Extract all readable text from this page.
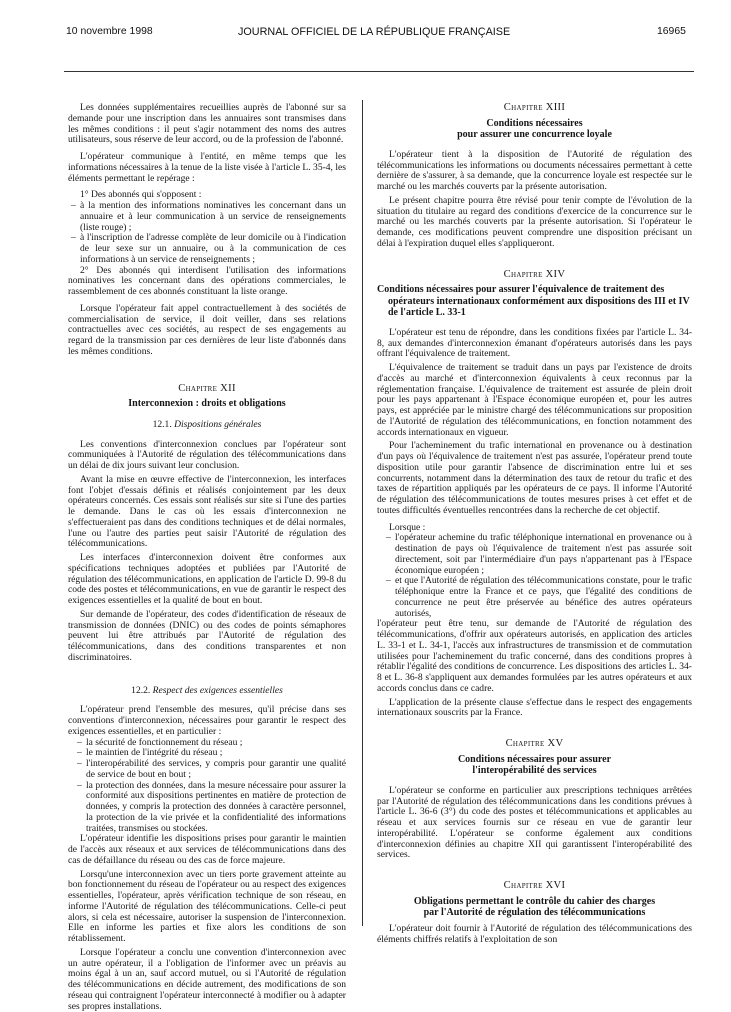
10 novembre 1998	JOURNAL OFFICIEL DE LA RÉPUBLIQUE FRANÇAISE	16965

Les données supplémentaires recueillies auprès de l'abonné sur sa demande pour une inscription dans les annuaires sont transmises dans les mêmes conditions : il peut s'agir notamment des noms des autres utilisateurs, sous réserve de leur accord, ou de la profession de l'abonné.

L'opérateur communique à l'entité, en même temps que les informations nécessaires à la tenue de la liste visée à l'article L. 35-4, les éléments permettant le repérage :

1° Des abonnés qui s'opposent :

– à la mention des informations nominatives les concernant dans un annuaire et à leur communication à un service de renseignements (liste rouge) ;
– à l'inscription de l'adresse complète de leur domicile ou à l'indication de leur sexe sur un annuaire, ou à la communication de ces informations à un service de renseignements ;

2° Des abonnés qui interdisent l'utilisation des informations nominatives les concernant dans des opérations commerciales, le rassemblement de ces abonnés constituant la liste orange.

Lorsque l'opérateur fait appel contractuellement à des sociétés de commercialisation de service, il doit veiller, dans ses relations contractuelles avec ces sociétés, au respect de ses engagements au regard de la transmission par ces dernières de leur liste d'abonnés dans les mêmes conditions.

Chapitre XII

Interconnexion : droits et obligations

12.1. Dispositions générales

Les conventions d'interconnexion conclues par l'opérateur sont communiquées à l'Autorité de régulation des télécommunications dans un délai de dix jours suivant leur conclusion.

Avant la mise en œuvre effective de l'interconnexion, les interfaces font l'objet d'essais définis et réalisés conjointement par les deux opérateurs concernés. Ces essais sont réalisés sur site si l'une des parties le demande. Dans le cas où les essais d'interconnexion ne s'effectueraient pas dans des conditions techniques et de délai normales, l'une ou l'autre des parties peut saisir l'Autorité de régulation des télécommunications.

Les interfaces d'interconnexion doivent être conformes aux spécifications techniques adoptées et publiées par l'Autorité de régulation des télécommunications, en application de l'article D. 99-8 du code des postes et télécommunications, en vue de garantir le respect des exigences essentielles et la qualité de bout en bout.

Sur demande de l'opérateur, des codes d'identification de réseaux de transmission de données (DNIC) ou des codes de points sémaphores peuvent lui être attribués par l'Autorité de régulation des télécommunications, dans des conditions transparentes et non discriminatoires.

12.2. Respect des exigences essentielles

L'opérateur prend l'ensemble des mesures, qu'il précise dans ses conventions d'interconnexion, nécessaires pour garantir le respect des exigences essentielles, et en particulier :

– la sécurité de fonctionnement du réseau ;
– le maintien de l'intégrité du réseau ;
– l'interopérabilité des services, y compris pour garantir une qualité de service de bout en bout ;
– la protection des données, dans la mesure nécessaire pour assurer la conformité aux dispositions pertinentes en matière de protection de données, y compris la protection des données à caractère personnel, la protection de la vie privée et la confidentialité des informations traitées, transmises ou stockées.

L'opérateur identifie les dispositions prises pour garantir le maintien de l'accès aux réseaux et aux services de télécommunications dans des cas de défaillance du réseau ou des cas de force majeure.

Lorsqu'une interconnexion avec un tiers porte gravement atteinte au bon fonctionnement du réseau de l'opérateur ou au respect des exigences essentielles, l'opérateur, après vérification technique de son réseau, en informe l'Autorité de régulation des télécommunications. Celle-ci peut alors, si cela est nécessaire, autoriser la suspension de l'interconnexion. Elle en informe les parties et fixe alors les conditions de son rétablissement.

Lorsque l'opérateur a conclu une convention d'interconnexion avec un autre opérateur, il a l'obligation de l'informer avec un préavis au moins égal à un an, sauf accord mutuel, ou si l'Autorité de régulation des télécommunications en décide autrement, des modifications de son réseau qui contraignent l'opérateur interconnecté à modifier ou à adapter ses propres installations.

Chapitre XIII
Conditions nécessaires
pour assurer une concurrence loyale

L'opérateur tient à la disposition de l'Autorité de régulation des télécommunications les informations ou documents nécessaires permettant à cette dernière de s'assurer, à sa demande, que la concurrence loyale est respectée sur le marché ou les marchés couverts par la présente autorisation.

Le présent chapitre pourra être révisé pour tenir compte de l'évolution de la situation du titulaire au regard des conditions d'exercice de la concurrence sur le marché ou les marchés couverts par la présente autorisation. Si l'opérateur le demande, ces modifications peuvent comprendre une disposition précisant un délai à l'expiration duquel elles s'appliqueront.

Chapitre XIV

Conditions nécessaires pour assurer l'équivalence de traitement des opérateurs internationaux conformément aux dispositions des III et IV de l'article L. 33-1

L'opérateur est tenu de répondre, dans les conditions fixées par l'article L. 34-8, aux demandes d'interconnexion émanant d'opérateurs autorisés dans les pays offrant l'équivalence de traitement.

L'équivalence de traitement se traduit dans un pays par l'existence de droits d'accès au marché et d'interconnexion équivalents à ceux reconnus par la réglementation française. L'équivalence de traitement est assurée de plein droit pour les pays appartenant à l'Espace économique européen et, pour les autres pays, est appréciée par le ministre chargé des télécommunications sur proposition de l'Autorité de régulation des télécommunications, en fonction notamment des accords internationaux en vigueur.

Pour l'acheminement du trafic international en provenance ou à destination d'un pays où l'équivalence de traitement n'est pas assurée, l'opérateur prend toute disposition utile pour garantir l'absence de discrimination entre lui et ses concurrents, notamment dans la détermination des taux de retour du trafic et des taxes de répartition appliqués par les opérateurs de ce pays. Il informe l'Autorité de régulation des télécommunications de toutes mesures prises à cet effet et de toutes difficultés éventuelles rencontrées dans la recherche de cet objectif.

Lorsque :

– l'opérateur achemine du trafic téléphonique international en provenance ou à destination de pays où l'équivalence de traitement n'est pas assurée soit directement, soit par l'intermédiaire d'un pays n'appartenant pas à l'Espace économique européen ;
– et que l'Autorité de régulation des télécommunications constate, pour le trafic téléphonique entre la France et ce pays, que l'égalité des conditions de concurrence ne peut être préservée au bénéfice des autres opérateurs autorisés,

l'opérateur peut être tenu, sur demande de l'Autorité de régulation des télécommunications, d'offrir aux opérateurs autorisés, en application des articles L. 33-1 et L. 34-1, l'accès aux infrastructures de transmission et de commutation utilisées pour l'acheminement du trafic concerné, dans des conditions propres à rétablir l'égalité des conditions de concurrence. Les dispositions des articles L. 34-8 et L. 36-8 s'appliquent aux demandes formulées par les autres opérateurs et aux accords conclus dans ce cadre.

L'application de la présente clause s'effectue dans le respect des engagements internationaux souscrits par la France.

Chapitre XV
Conditions nécessaires pour assurer
l'interopérabilité des services

L'opérateur se conforme en particulier aux prescriptions techniques arrêtées par l'Autorité de régulation des télécommunications dans les conditions prévues à l'article L. 36-6 (3°) du code des postes et télécommunications et applicables au réseau et aux services fournis sur ce réseau en vue de garantir leur interopérabilité. L'opérateur se conforme également aux conditions d'interconnexion définies au chapitre XII qui garantissent l'interopérabilité des services.

Chapitre XVI
Obligations permettant le contrôle du cahier des charges
par l'Autorité de régulation des télécommunications

L'opérateur doit fournir à l'Autorité de régulation des télécommunications des éléments chiffrés relatifs à l'exploitation de son
